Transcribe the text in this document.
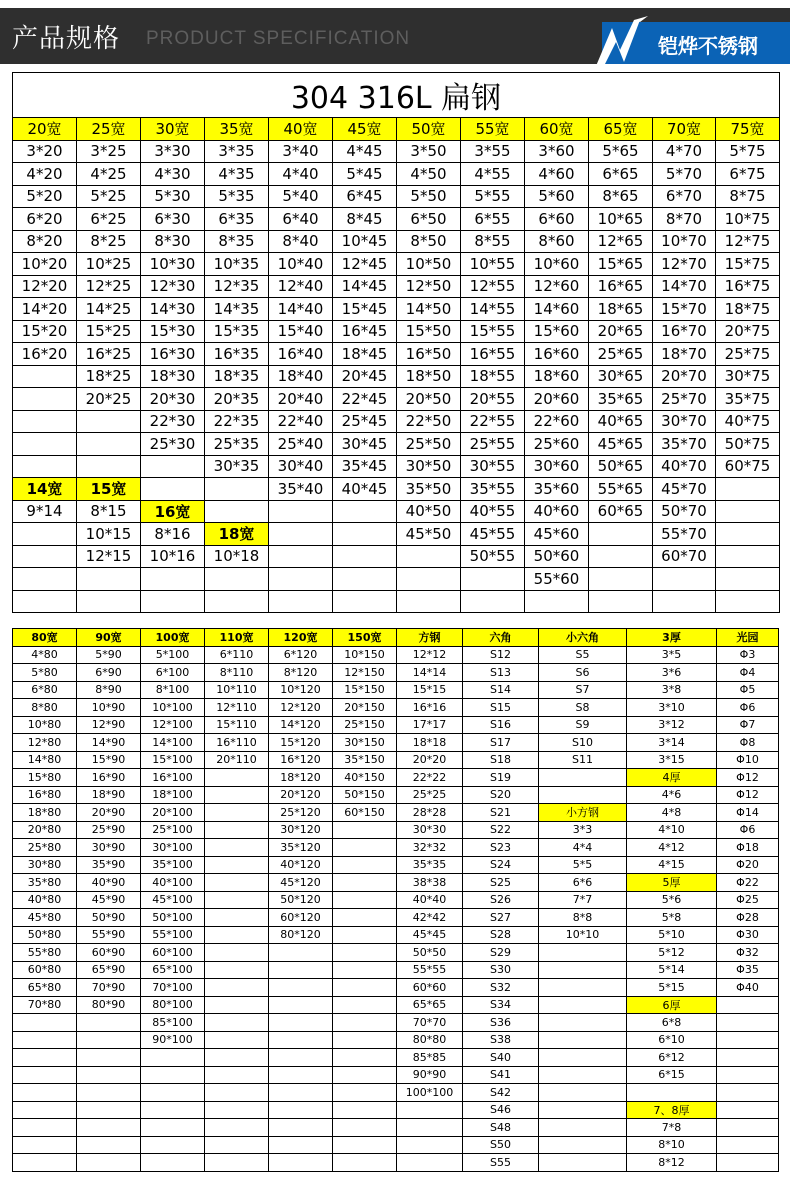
产品规格 PRODUCT SPECIFICATION	铠烨不锈钢
304 316L 扁钢											
20宽	25宽	30宽	35宽	40宽	45宽	50宽	55宽	60宽	65宽	70宽	75宽
3*20	3*25	3*30	3*35	3*40	4*45	3*50	3*55	3*60	5*65	4*70	5*75
4*20	4*25	4*30	4*35	4*40	5*45	4*50	4*55	4*60	6*65	5*70	6*75
5*20	5*25	5*30	5*35	5*40	6*45	5*50	5*55	5*60	8*65	6*70	8*75
6*20	6*25	6*30	6*35	6*40	8*45	6*50	6*55	6*60	10*65	8*70	10*75
8*20	8*25	8*30	8*35	8*40	10*45	8*50	8*55	8*60	12*65	10*70	12*75
10*20	10*25	10*30	10*35	10*40	12*45	10*50	10*55	10*60	15*65	12*70	15*75
12*20	12*25	12*30	12*35	12*40	14*45	12*50	12*55	12*60	16*65	14*70	16*75
14*20	14*25	14*30	14*35	14*40	15*45	14*50	14*55	14*60	18*65	15*70	18*75
15*20	15*25	15*30	15*35	15*40	16*45	15*50	15*55	15*60	20*65	16*70	20*75
16*20	16*25	16*30	16*35	16*40	18*45	16*50	16*55	16*60	25*65	18*70	25*75
	18*25	18*30	18*35	18*40	20*45	18*50	18*55	18*60	30*65	20*70	30*75
	20*25	20*30	20*35	20*40	22*45	20*50	20*55	20*60	35*65	25*70	35*75
		22*30	22*35	22*40	25*45	22*50	22*55	22*60	40*65	30*70	40*75
		25*30	25*35	25*40	30*45	25*50	25*55	25*60	45*65	35*70	50*75
			30*35	30*40	35*45	30*50	30*55	30*60	50*65	40*70	60*75
14宽	15宽			35*40	40*45	35*50	35*55	35*60	55*65	45*70	
9*14	8*15	16宽				40*50	40*55	40*60	60*65	50*70	
	10*15	8*16	18宽			45*50	45*55	45*60		55*70	
	12*15	10*16	10*18				50*55	50*60		60*70	
								55*60			

80宽	90宽	100宽	110宽	120宽	150宽	方钢	六角	小六角	3厚	光园
4*80	5*90	5*100	6*110	6*120	10*150	12*12	S12	S5	3*5	Φ3
5*80	6*90	6*100	8*110	8*120	12*150	14*14	S13	S6	3*6	Φ4
6*80	8*90	8*100	10*110	10*120	15*150	15*15	S14	S7	3*8	Φ5
8*80	10*90	10*100	12*110	12*120	20*150	16*16	S15	S8	3*10	Φ6
10*80	12*90	12*100	15*110	14*120	25*150	17*17	S16	S9	3*12	Φ7
12*80	14*90	14*100	16*110	15*120	30*150	18*18	S17	S10	3*14	Φ8
14*80	15*90	15*100	20*110	16*120	35*150	20*20	S18	S11	3*15	Φ10
15*80	16*90	16*100		18*120	40*150	22*22	S19		4厚	Φ12
16*80	18*90	18*100		20*120	50*150	25*25	S20		4*6	Φ12
18*80	20*90	20*100		25*120	60*150	28*28	S21	小方钢	4*8	Φ14
20*80	25*90	25*100		30*120		30*30	S22	3*3	4*10	Φ6
25*80	30*90	30*100		35*120		32*32	S23	4*4	4*12	Φ18
30*80	35*90	35*100		40*120		35*35	S24	5*5	4*15	Φ20
35*80	40*90	40*100		45*120		38*38	S25	6*6	5厚	Φ22
40*80	45*90	45*100		50*120		40*40	S26	7*7	5*6	Φ25
45*80	50*90	50*100		60*120		42*42	S27	8*8	5*8	Φ28
50*80	55*90	55*100		80*120		45*45	S28	10*10	5*10	Φ30
55*80	60*90	60*100				50*50	S29		5*12	Φ32
60*80	65*90	65*100				55*55	S30		5*14	Φ35
65*80	70*90	70*100				60*60	S32		5*15	Φ40
70*80	80*90	80*100				65*65	S34		6厚	
		85*100				70*70	S36		6*8	
		90*100				80*80	S38		6*10	
						85*85	S40		6*12	
						90*90	S41		6*15	
						100*100	S42			
							S46		7、8厚	
							S48		7*8	
							S50		8*10	
							S55		8*12	
